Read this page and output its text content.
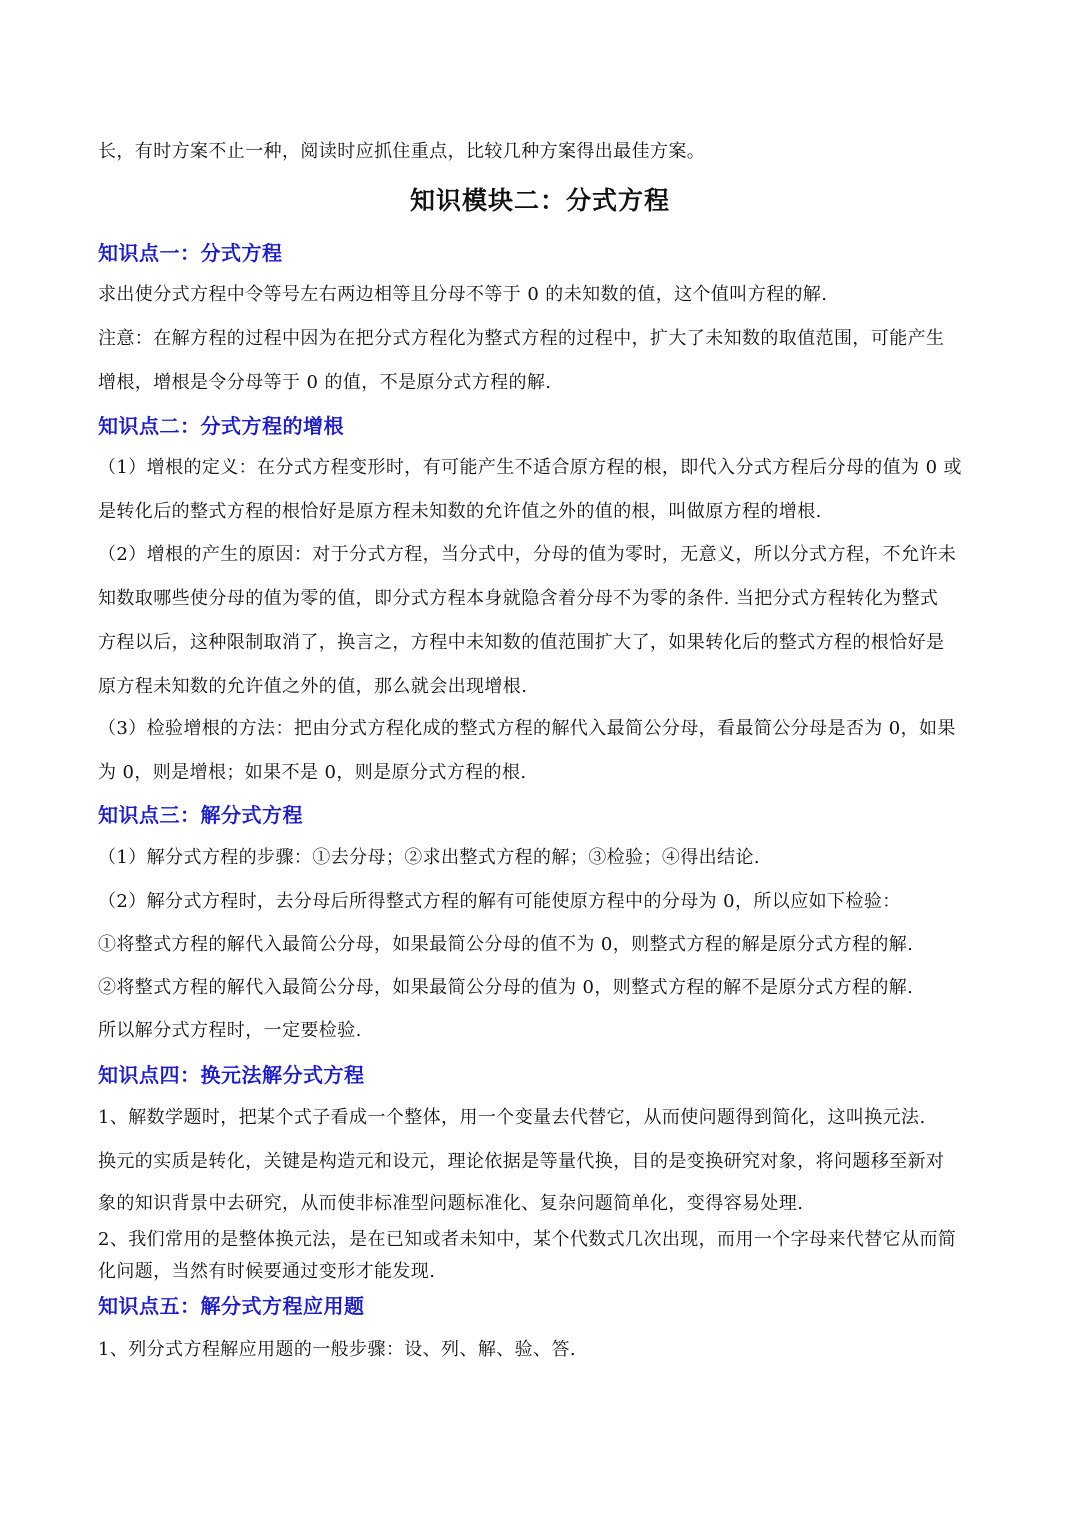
长，有时方案不止一种，阅读时应抓住重点，比较几种方案得出最佳方案。

知识模块二：分式方程
知识点一：分式方程

求出使分式方程中令等号左右两边相等且分母不等于 0 的未知数的值，这个值叫方程的解.

注意：在解方程的过程中因为在把分式方程化为整式方程的过程中，扩大了未知数的取值范围，可能产生

增根，增根是令分母等于 0 的值，不是原分式方程的解.

知识点二：分式方程的增根

（1）增根的定义：在分式方程变形时，有可能产生不适合原方程的根，即代入分式方程后分母的值为 0 或

是转化后的整式方程的根恰好是原方程未知数的允许值之外的值的根，叫做原方程的增根.

（2）增根的产生的原因：对于分式方程，当分式中，分母的值为零时，无意义，所以分式方程，不允许未

知数取哪些使分母的值为零的值，即分式方程本身就隐含着分母不为零的条件. 当把分式方程转化为整式

方程以后，这种限制取消了，换言之，方程中未知数的值范围扩大了，如果转化后的整式方程的根恰好是

原方程未知数的允许值之外的值，那么就会出现增根.

（3）检验增根的方法：把由分式方程化成的整式方程的解代入最简公分母，看最简公分母是否为 0，如果

为 0，则是增根；如果不是 0，则是原分式方程的根.

知识点三：解分式方程

（1）解分式方程的步骤：①去分母；②求出整式方程的解；③检验；④得出结论.

（2）解分式方程时，去分母后所得整式方程的解有可能使原方程中的分母为 0，所以应如下检验：

①将整式方程的解代入最简公分母，如果最简公分母的值不为 0，则整式方程的解是原分式方程的解.

②将整式方程的解代入最简公分母，如果最简公分母的值为 0，则整式方程的解不是原分式方程的解.

所以解分式方程时，一定要检验.

知识点四：换元法解分式方程

1、解数学题时，把某个式子看成一个整体，用一个变量去代替它，从而使问题得到简化，这叫换元法.

换元的实质是转化，关键是构造元和设元，理论依据是等量代换，目的是变换研究对象，将问题移至新对

象的知识背景中去研究，从而使非标准型问题标准化、复杂问题简单化，变得容易处理.

2、我们常用的是整体换元法，是在已知或者未知中，某个代数式几次出现，而用一个字母来代替它从而简

化问题，当然有时候要通过变形才能发现.

知识点五：解分式方程应用题

1、列分式方程解应用题的一般步骤：设、列、解、验、答.
